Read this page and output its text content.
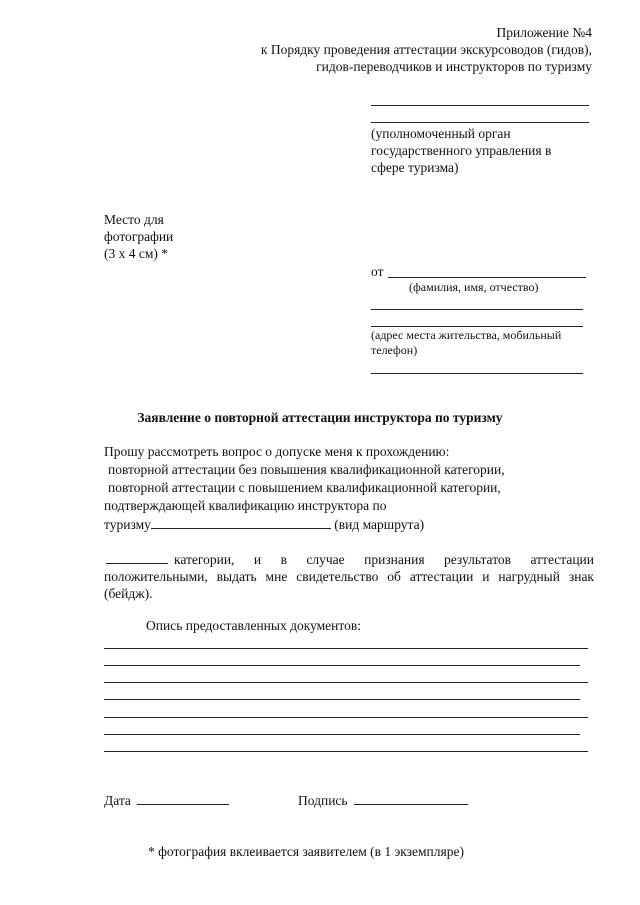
Приложение №4
к Порядку проведения аттестации экскурсоводов (гидов),
гидов-переводчиков и инструкторов по туризму
(уполномоченный орган
государственного управления в
сфере туризма)
Место для
фотографии
(3 х 4 см) *
от
(фамилия, имя, отчество)
(адрес места жительства, мобильный
телефон)
Заявление о повторной аттестации инструктора по туризму
Прошу рассмотреть вопрос о допуске меня к прохождению:
повторной аттестации без повышения квалификационной категории,
повторной аттестации с повышением квалификационной категории,
подтверждающей квалификацию инструктора по
туризму	(вид маршрута)
категории, и в случае признания результатов аттестации положительными, выдать мне свидетельство об аттестации и нагрудный знак (бейдж).
Опись предоставленных документов:
Дата	Подпись
* фотография вклеивается заявителем (в 1 экземпляре)
